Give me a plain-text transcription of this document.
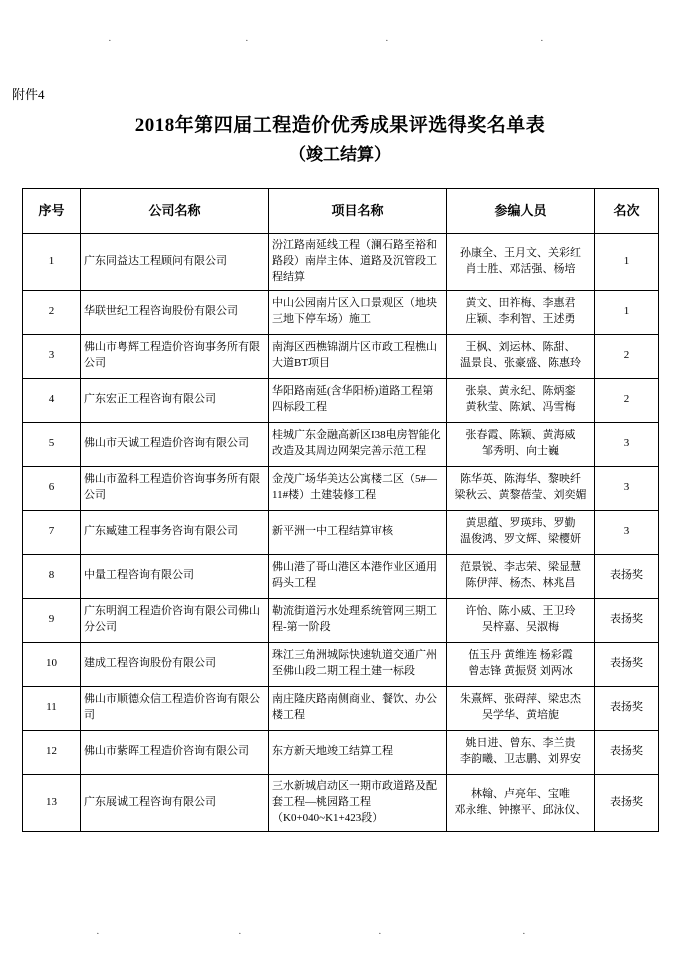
·	·	·	·
附件4
2018年第四届工程造价优秀成果评选得奖名单表
（竣工结算）
序号	公司名称	项目名称	参编人员	名次
1	广东同益达工程顾问有限公司	汾江路南延线工程（澜石路至裕和路段）南岸主体、道路及沉管段工程结算	孙康全、王月文、关彩红
肖士胜、邓活强、杨培	1
2	华联世纪工程咨询股份有限公司	中山公园南片区入口景观区（地块三地下停车场）施工	黄文、田祚梅、李惠君
庄颖、李利智、王述勇	1
3	佛山市粤辉工程造价咨询事务所有限公司	南海区西樵锦湖片区市政工程樵山大道BT项目	王枫、刘运林、陈甜、
温景良、张豪盛、陈惠玲	2
4	广东宏正工程咨询有限公司	华阳路南延(含华阳桥)道路工程第四标段工程	张泉、黄永纪、陈炳銮
黄秋莹、陈斌、冯雪梅	2
5	佛山市天诚工程造价咨询有限公司	桂城广东金融高新区I38电房智能化改造及其周边网架完善示范工程	张春霞、陈颖、黄海威
邹秀明、向士巍	3
6	佛山市盈科工程造价咨询事务所有限公司	金茂广场华美达公寓楼二区（5#—11#楼）土建装修工程	陈华英、陈海华、黎映纤
梁秋云、黄黎蓓莹、刘奕媚	3
7	广东臧建工程事务咨询有限公司	新平洲一中工程结算审核	黄思蕴、罗瑛玮、罗勤
温俊鸿、罗文辉、梁樱妍	3
8	中量工程咨询有限公司	佛山港了哥山港区本港作业区通用码头工程	范景锐、李志荣、梁显慧
陈伊萍、杨杰、林兆昌	表扬奖
9	广东明润工程造价咨询有限公司佛山分公司	勒流街道污水处理系统管网三期工程-第一阶段	许怡、陈小威、王卫玲
吴梓嘉、吴淑梅	表扬奖
10	建成工程咨询股份有限公司	珠江三角洲城际快速轨道交通广州至佛山段二期工程土建一标段	伍玉丹 黄维连 杨彩霞
曾志锋 黄振贤 刘两冰	表扬奖
11	佛山市顺德众信工程造价咨询有限公司	南庄隆庆路南侧商业、餐饮、办公楼工程	朱熹辉、张碍萍、梁忠杰
吴学华、黄培旎	表扬奖
12	佛山市紫晖工程造价咨询有限公司	东方新天地竣工结算工程	姚日进、曾东、李兰贵
李韵曦、卫志鹏、刘界安	表扬奖
13	广东展诚工程咨询有限公司	三水新城启动区一期市政道路及配套工程—桃园路工程（K0+040~K1+423段）	林翰、卢亮年、宝唯
邓永维、钟擦平、邱泳仪、	表扬奖
·	·	·	·
